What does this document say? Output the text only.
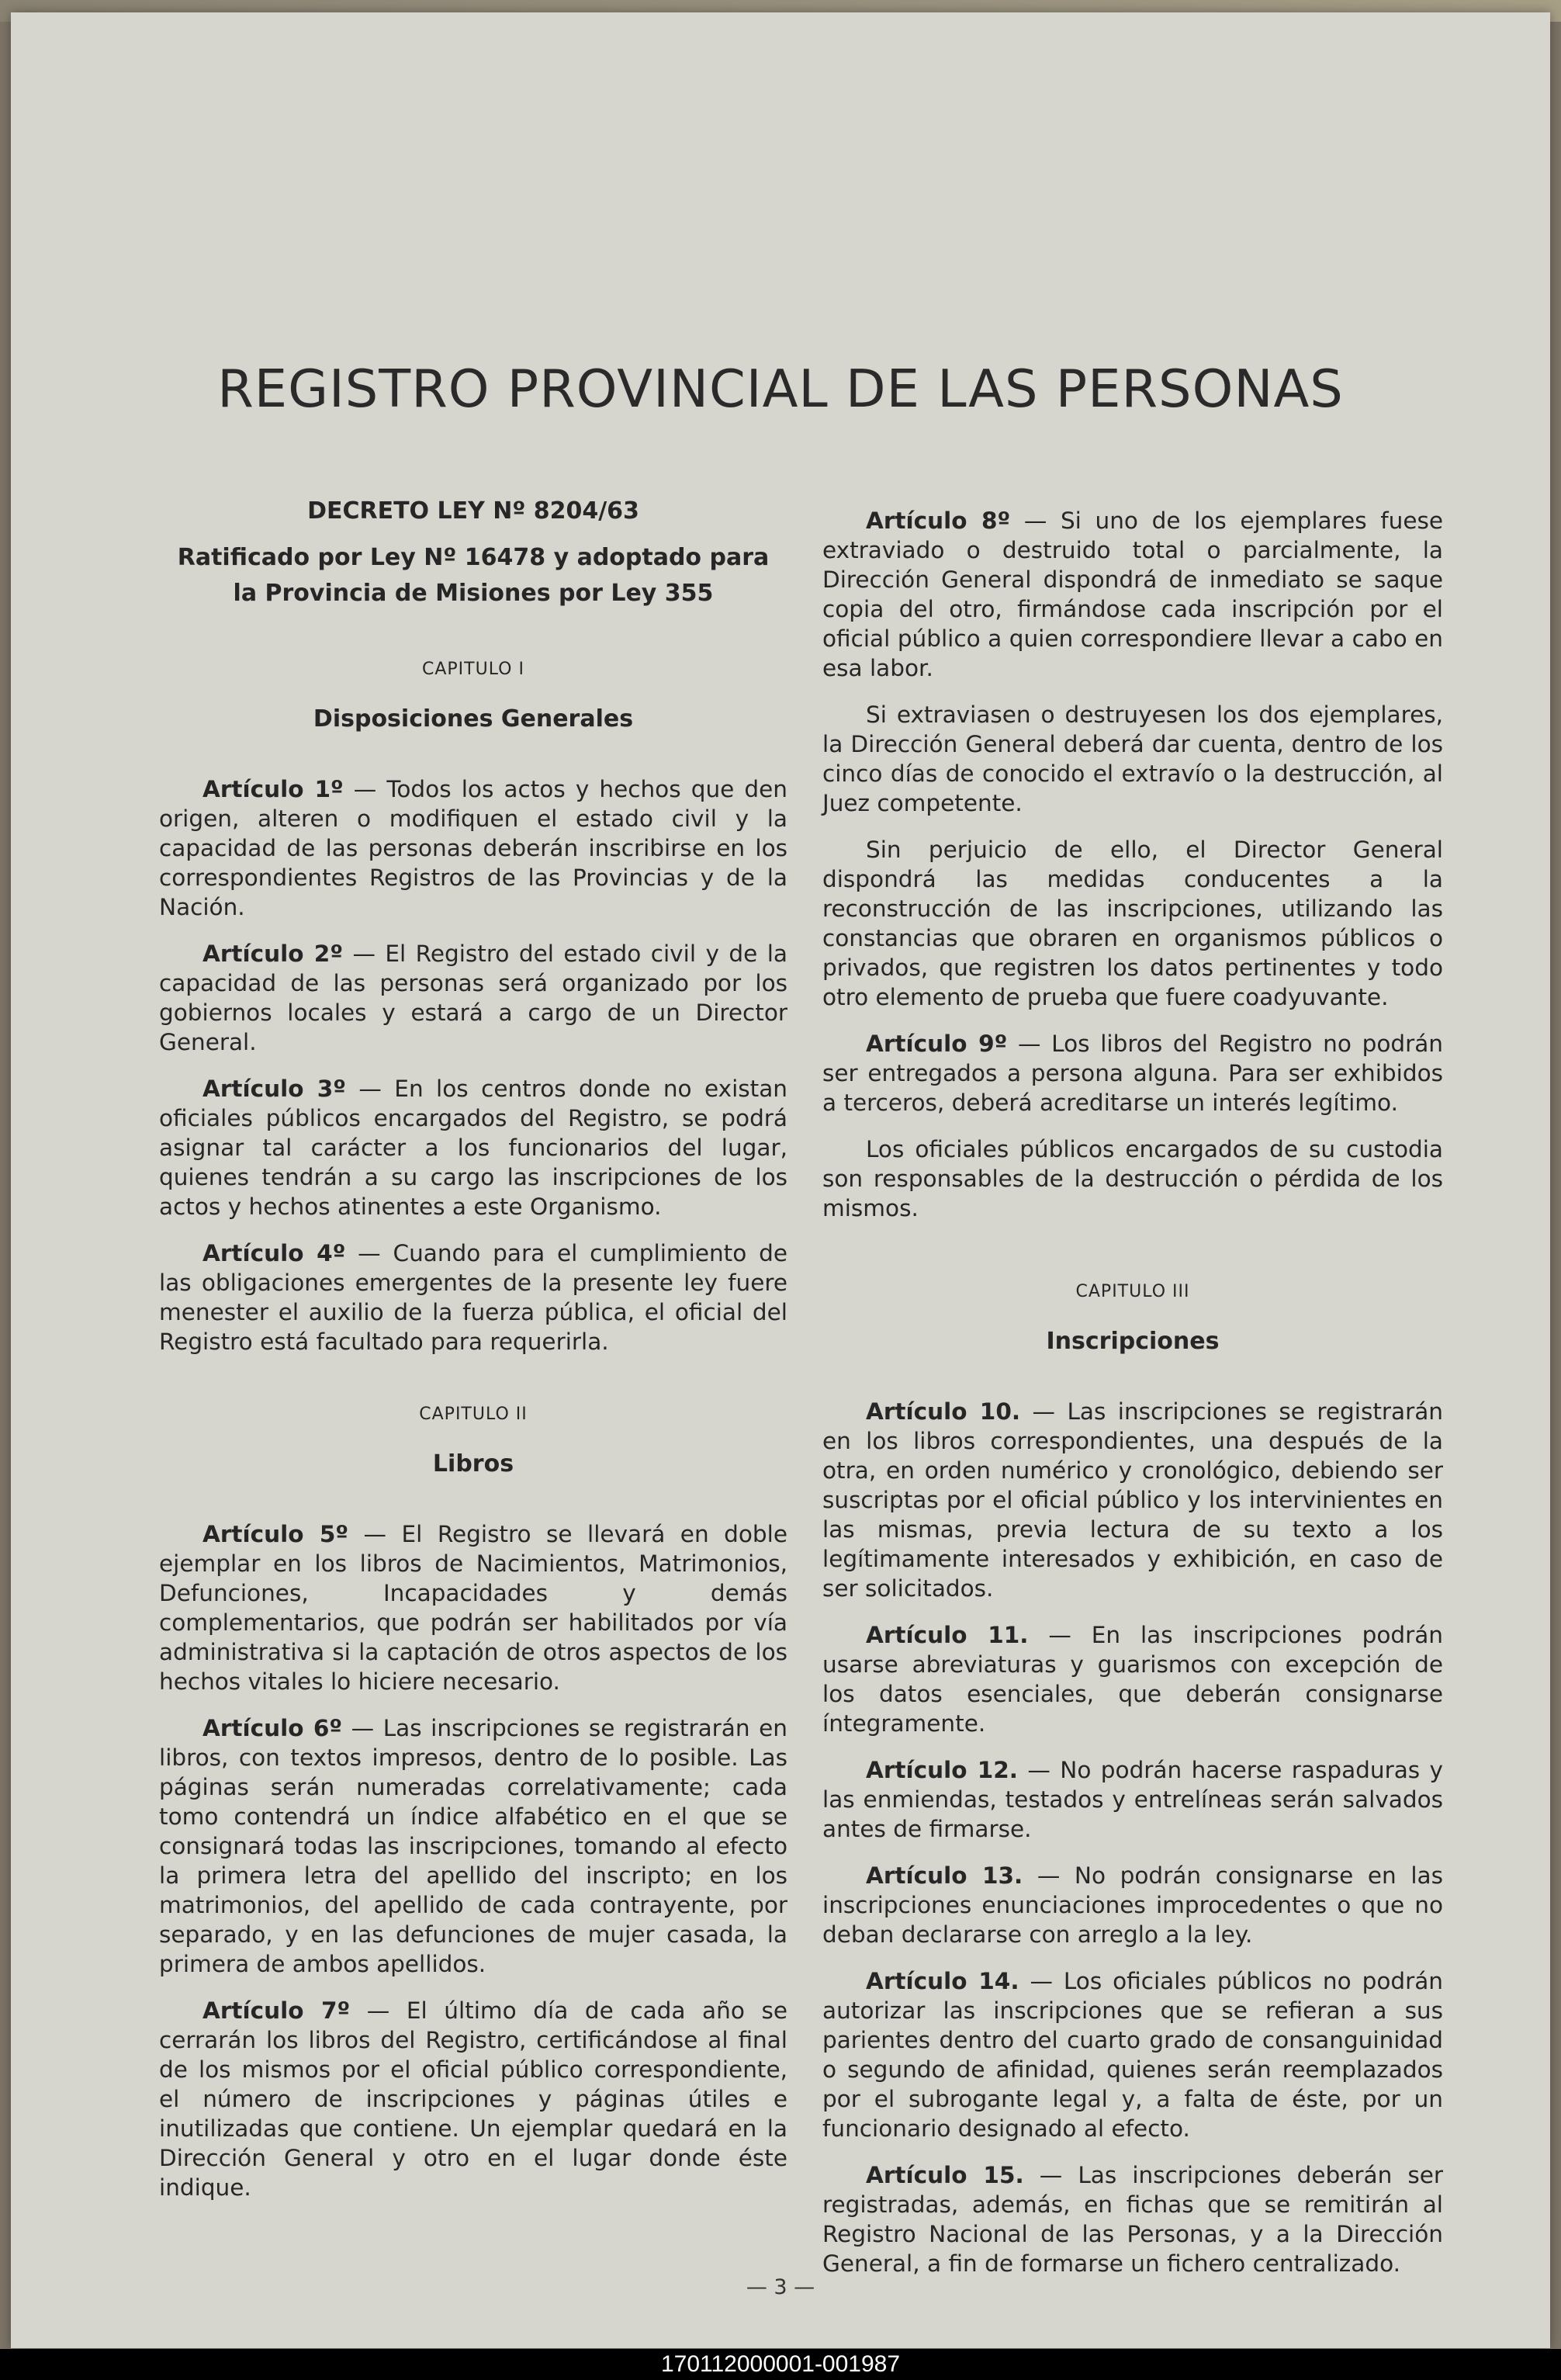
REGISTRO PROVINCIAL DE LAS PERSONAS

DECRETO LEY Nº 8204/63

Ratificado por Ley Nº 16478 y adoptado para la Provincia de Misiones por Ley 355

CAPITULO I

Disposiciones Generales

Artículo 1º — Todos los actos y hechos que den origen, alteren o modifiquen el estado civil y la capacidad de las personas deberán inscribirse en los correspondientes Registros de las Provincias y de la Nación.

Artículo 2º — El Registro del estado civil y de la capacidad de las personas será organizado por los gobiernos locales y estará a cargo de un Director General.

Artículo 3º — En los centros donde no existan oficiales públicos encargados del Registro, se podrá asignar tal carácter a los funcionarios del lugar, quienes tendrán a su cargo las inscripciones de los actos y hechos atinentes a este Organismo.

Artículo 4º — Cuando para el cumplimiento de las obligaciones emergentes de la presente ley fuere menester el auxilio de la fuerza pública, el oficial del Registro está facultado para requerirla.

CAPITULO II

Libros

Artículo 5º — El Registro se llevará en doble ejemplar en los libros de Nacimientos, Matrimonios, Defunciones, Incapacidades y demás complementarios, que podrán ser habilitados por vía administrativa si la captación de otros aspectos de los hechos vitales lo hiciere necesario.

Artículo 6º — Las inscripciones se registrarán en libros, con textos impresos, dentro de lo posible. Las páginas serán numeradas correlativamente; cada tomo contendrá un índice alfabético en el que se consignará todas las inscripciones, tomando al efecto la primera letra del apellido del inscripto; en los matrimonios, del apellido de cada contrayente, por separado, y en las defunciones de mujer casada, la primera de ambos apellidos.

Artículo 7º — El último día de cada año se cerrarán los libros del Registro, certificándose al final de los mismos por el oficial público correspondiente, el número de inscripciones y páginas útiles e inutilizadas que contiene. Un ejemplar quedará en la Dirección General y otro en el lugar donde éste indique.

Artículo 8º — Si uno de los ejemplares fuese extraviado o destruido total o parcialmente, la Dirección General dispondrá de inmediato se saque copia del otro, firmándose cada inscripción por el oficial público a quien correspondiere llevar a cabo en esa labor.

Si extraviasen o destruyesen los dos ejemplares, la Dirección General deberá dar cuenta, dentro de los cinco días de conocido el extravío o la destrucción, al Juez competente.

Sin perjuicio de ello, el Director General dispondrá las medidas conducentes a la reconstrucción de las inscripciones, utilizando las constancias que obraren en organismos públicos o privados, que registren los datos pertinentes y todo otro elemento de prueba que fuere coadyuvante.

Artículo 9º — Los libros del Registro no podrán ser entregados a persona alguna. Para ser exhibidos a terceros, deberá acreditarse un interés legítimo.

Los oficiales públicos encargados de su custodia son responsables de la destrucción o pérdida de los mismos.

CAPITULO III

Inscripciones

Artículo 10. — Las inscripciones se registrarán en los libros correspondientes, una después de la otra, en orden numérico y cronológico, debiendo ser suscriptas por el oficial público y los intervinientes en las mismas, previa lectura de su texto a los legítimamente interesados y exhibición, en caso de ser solicitados.

Artículo 11. — En las inscripciones podrán usarse abreviaturas y guarismos con excepción de los datos esenciales, que deberán consignarse íntegramente.

Artículo 12. — No podrán hacerse raspaduras y las enmiendas, testados y entrelíneas serán salvados antes de firmarse.

Artículo 13. — No podrán consignarse en las inscripciones enunciaciones improcedentes o que no deban declararse con arreglo a la ley.

Artículo 14. — Los oficiales públicos no podrán autorizar las inscripciones que se refieran a sus parientes dentro del cuarto grado de consanguinidad o segundo de afinidad, quienes serán reemplazados por el subrogante legal y, a falta de éste, por un funcionario designado al efecto.

Artículo 15. — Las inscripciones deberán ser registradas, además, en fichas que se remitirán al Registro Nacional de las Personas, y a la Dirección General, a fin de formarse un fichero centralizado.

— 3 —
170112000001-001987
